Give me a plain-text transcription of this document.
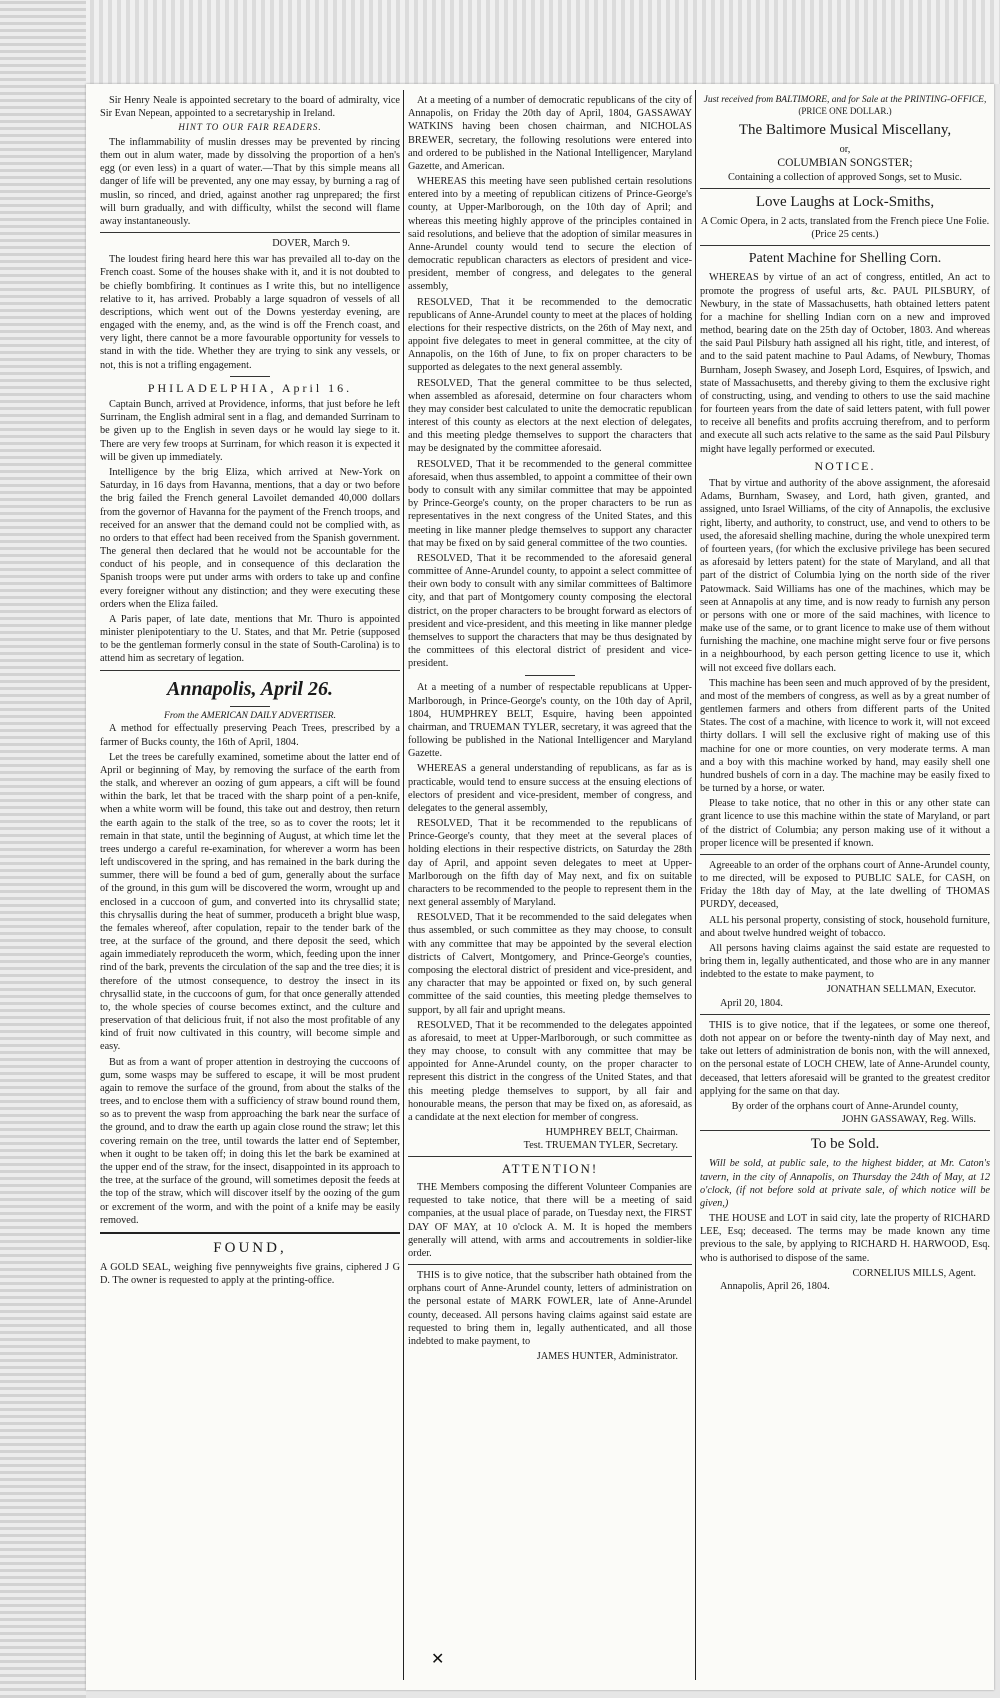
Sir Henry Neale is appointed secretary to the board of admiralty, vice Sir Evan Nepean, appointed to a secretaryship in Ireland.

HINT TO OUR FAIR READERS.

The inflammability of muslin dresses may be prevented by rincing them out in alum water, made by dissolving the proportion of a hen's egg (or even less) in a quart of water.—That by this simple means all danger of life will be prevented, any one may essay, by burning a rag of muslin, so rinced, and dried, against another rag unprepared; the first will burn gradually, and with difficulty, whilst the second will flame away instantaneously.

DOVER, March 9.

The loudest firing heard here this war has prevailed all to-day on the French coast. Some of the houses shake with it, and it is not doubted to be chiefly bombfiring. It continues as I write this, but no intelligence relative to it, has arrived. Probably a large squadron of vessels of all descriptions, which went out of the Downs yesterday evening, are engaged with the enemy, and, as the wind is off the French coast, and very light, there cannot be a more favourable opportunity for vessels to stand in with the tide. Whether they are trying to sink any vessels, or not, this is not a trifling engagement.

PHILADELPHIA, April 16.

Captain Bunch, arrived at Providence, informs, that just before he left Surrinam, the English admiral sent in a flag, and demanded Surrinam to be given up to the English in seven days or he would lay siege to it. There are very few troops at Surrinam, for which reason it is expected it will be given up immediately.

Intelligence by the brig Eliza, which arrived at New-York on Saturday, in 16 days from Havanna, mentions, that a day or two before the brig failed the French general Lavoilet demanded 40,000 dollars from the governor of Havanna for the payment of the French troops, and received for an answer that the demand could not be complied with, as no orders to that effect had been received from the Spanish government. The general then declared that he would not be accountable for the conduct of his people, and in consequence of this declaration the Spanish troops were put under arms with orders to take up and confine every foreigner without any distinction; and they were executing these orders when the Eliza failed.

A Paris paper, of late date, mentions that Mr. Thuro is appointed minister plenipotentiary to the U. States, and that Mr. Petrie (supposed to be the gentleman formerly consul in the state of South-Carolina) is to attend him as secretary of legation.

Annapolis, April 26.
From the AMERICAN DAILY ADVERTISER.

A method for effectually preserving Peach Trees, prescribed by a farmer of Bucks county, the 16th of April, 1804.

Let the trees be carefully examined, sometime about the latter end of April or beginning of May, by removing the surface of the earth from the stalk, and wherever an oozing of gum appears, a cift will be found within the bark, let that be traced with the sharp point of a pen-knife, when a white worm will be found, this take out and destroy, then return the earth again to the stalk of the tree, so as to cover the roots; let it remain in that state, until the beginning of August, at which time let the trees undergo a careful re-examination, for wherever a worm has been left undiscovered in the spring, and has remained in the bark during the summer, there will be found a bed of gum, generally about the surface of the ground, in this gum will be discovered the worm, wrought up and enclosed in a cuccoon of gum, and converted into its chrysallid state; this chrysallis during the heat of summer, produceth a bright blue wasp, the females whereof, after copulation, repair to the tender bark of the tree, at the surface of the ground, and there deposit the seed, which again immediately reproduceth the worm, which, feeding upon the inner rind of the bark, prevents the circulation of the sap and the tree dies; it is therefore of the utmost consequence, to destroy the insect in its chrysallid state, in the cuccoons of gum, for that once generally attended to, the whole species of course becomes extinct, and the culture and preservation of that delicious fruit, if not also the most profitable of any kind of fruit now cultivated in this country, will become simple and easy.

But as from a want of proper attention in destroying the cuccoons of gum, some wasps may be suffered to escape, it will be most prudent again to remove the surface of the ground, from about the stalks of the trees, and to enclose them with a sufficiency of straw bound round them, so as to prevent the wasp from approaching the bark near the surface of the ground, and to draw the earth up again close round the straw; let this covering remain on the tree, until towards the latter end of September, when it ought to be taken off; in doing this let the bark be examined at the upper end of the straw, for the insect, disappointed in its approach to the tree, at the surface of the ground, will sometimes deposit the feeds at the top of the straw, which will discover itself by the oozing of the gum or excrement of the worm, and with the point of a knife may be easily removed.

FOUND,

A GOLD SEAL, weighing five pennyweights five grains, ciphered J G D. The owner is requested to apply at the printing-office.

At a meeting of a number of democratic republicans of the city of Annapolis, on Friday the 20th day of April, 1804, GASSAWAY WATKINS having been chosen chairman, and NICHOLAS BREWER, secretary, the following resolutions were entered into and ordered to be published in the National Intelligencer, Maryland Gazette, and American.

WHEREAS this meeting have seen published certain resolutions entered into by a meeting of republican citizens of Prince-George's county, at Upper-Marlborough, on the 10th day of April; and whereas this meeting highly approve of the principles contained in said resolutions, and believe that the adoption of similar measures in Anne-Arundel county would tend to secure the election of democratic republican characters as electors of president and vice-president, member of congress, and delegates to the general assembly,

RESOLVED, That it be recommended to the democratic republicans of Anne-Arundel county to meet at the places of holding elections for their respective districts, on the 26th of May next, and appoint five delegates to meet in general committee, at the city of Annapolis, on the 16th of June, to fix on proper characters to be supported as delegates to the next general assembly.

RESOLVED, That the general committee to be thus selected, when assembled as aforesaid, determine on four characters whom they may consider best calculated to unite the democratic republican interest of this county as electors at the next election of delegates, and this meeting pledge themselves to support the characters that may be designated by the committee aforesaid.

RESOLVED, That it be recommended to the general committee aforesaid, when thus assembled, to appoint a committee of their own body to consult with any similar committee that may be appointed by Prince-George's county, on the proper characters to be run as representatives in the next congress of the United States, and this meeting in like manner pledge themselves to support any character that may be fixed on by said general committee of the two counties.

RESOLVED, That it be recommended to the aforesaid general committee of Anne-Arundel county, to appoint a select committee of their own body to consult with any similar committees of Baltimore city, and that part of Montgomery county composing the electoral district, on the proper characters to be brought forward as electors of president and vice-president, and this meeting in like manner pledge themselves to support the characters that may be thus designated by the committees of this electoral district of president and vice-president.

At a meeting of a number of respectable republicans at Upper-Marlborough, in Prince-George's county, on the 10th day of April, 1804, HUMPHREY BELT, Esquire, having been appointed chairman, and TRUEMAN TYLER, secretary, it was agreed that the following be published in the National Intelligencer and Maryland Gazette.

WHEREAS a general understanding of republicans, as far as is practicable, would tend to ensure success at the ensuing elections of electors of president and vice-president, member of congress, and delegates to the general assembly,

RESOLVED, That it be recommended to the republicans of Prince-George's county, that they meet at the several places of holding elections in their respective districts, on Saturday the 28th day of April, and appoint seven delegates to meet at Upper-Marlborough on the fifth day of May next, and fix on suitable characters to be recommended to the people to represent them in the next general assembly of Maryland.

RESOLVED, That it be recommended to the said delegates when thus assembled, or such committee as they may choose, to consult with any committee that may be appointed by the several election districts of Calvert, Montgomery, and Prince-George's counties, composing the electoral district of president and vice-president, and any character that may be appointed or fixed on, by such general committee of the said counties, this meeting pledge themselves to support, by all fair and upright means.

RESOLVED, That it be recommended to the delegates appointed as aforesaid, to meet at Upper-Marlborough, or such committee as they may choose, to consult with any committee that may be appointed for Anne-Arundel county, on the proper character to represent this district in the congress of the United States, and that this meeting pledge themselves to support, by all fair and honourable means, the person that may be fixed on, as aforesaid, as a candidate at the next election for member of congress.

HUMPHREY BELT, Chairman.
Test. TRUEMAN TYLER, Secretary.
ATTENTION!

THE Members composing the different Volunteer Companies are requested to take notice, that there will be a meeting of said companies, at the usual place of parade, on Tuesday next, the FIRST DAY OF MAY, at 10 o'clock A. M. It is hoped the members generally will attend, with arms and accoutrements in soldier-like order.

THIS is to give notice, that the subscriber hath obtained from the orphans court of Anne-Arundel county, letters of administration on the personal estate of MARK FOWLER, late of Anne-Arundel county, deceased. All persons having claims against said estate are requested to bring them in, legally authenticated, and all those indebted to make payment, to

JAMES HUNTER, Administrator.
Just received from BALTIMORE, and for Sale at the PRINTING-OFFICE,
(PRICE ONE DOLLAR.)
The Baltimore Musical Miscellany,
or,
COLUMBIAN SONGSTER;
Containing a collection of approved Songs, set to Music.
Love Laughs at Lock-Smiths,
A Comic Opera, in 2 acts, translated from the French piece Une Folie. (Price 25 cents.)
Patent Machine for Shelling Corn.

WHEREAS by virtue of an act of congress, entitled, An act to promote the progress of useful arts, &c. PAUL PILSBURY, of Newbury, in the state of Massachusetts, hath obtained letters patent for a machine for shelling Indian corn on a new and improved method, bearing date on the 25th day of October, 1803. And whereas the said Paul Pilsbury hath assigned all his right, title, and interest, of and to the said patent machine to Paul Adams, of Newbury, Thomas Burnham, Joseph Swasey, and Joseph Lord, Esquires, of Ipswich, and state of Massachusetts, and thereby giving to them the exclusive right of constructing, using, and vending to others to use the said machine for fourteen years from the date of said letters patent, with full power to receive all benefits and profits accruing therefrom, and to perform and execute all such acts relative to the same as the said Paul Pilsbury might have legally performed or executed.

NOTICE.

That by virtue and authority of the above assignment, the aforesaid Adams, Burnham, Swasey, and Lord, hath given, granted, and assigned, unto Israel Williams, of the city of Annapolis, the exclusive right, liberty, and authority, to construct, use, and vend to others to be used, the aforesaid shelling machine, during the whole unexpired term of fourteen years, (for which the exclusive privilege has been secured as aforesaid by letters patent) for the state of Maryland, and all that part of the district of Columbia lying on the north side of the river Patowmack. Said Williams has one of the machines, which may be seen at Annapolis at any time, and is now ready to furnish any person or persons with one or more of the said machines, with licence to make use of the same, or to grant licence to make use of them without furnishing the machine, one machine might serve four or five persons in a neighbourhood, by each person getting licence to use it, which will not exceed five dollars each.

This machine has been seen and much approved of by the president, and most of the members of congress, as well as by a great number of gentlemen farmers and others from different parts of the United States. The cost of a machine, with licence to work it, will not exceed thirty dollars. I will sell the exclusive right of making use of this machine for one or more counties, on very moderate terms. A man and a boy with this machine worked by hand, may easily shell one hundred bushels of corn in a day. The machine may be easily fixed to be turned by a horse, or water.

Please to take notice, that no other in this or any other state can grant licence to use this machine within the state of Maryland, or part of the district of Columbia; any person making use of it without a proper licence will be presented if known.

Agreeable to an order of the orphans court of Anne-Arundel county, to me directed, will be exposed to PUBLIC SALE, for CASH, on Friday the 18th day of May, at the late dwelling of THOMAS PURDY, deceased,

ALL his personal property, consisting of stock, household furniture, and about twelve hundred weight of tobacco.

All persons having claims against the said estate are requested to bring them in, legally authenticated, and those who are in any manner indebted to the estate to make payment, to

JONATHAN SELLMAN, Executor.
April 20, 1804.

THIS is to give notice, that if the legatees, or some one thereof, doth not appear on or before the twenty-ninth day of May next, and take out letters of administration de bonis non, with the will annexed, on the personal estate of LOCH CHEW, late of Anne-Arundel county, deceased, that letters aforesaid will be granted to the greatest creditor applying for the same on that day.

By order of the orphans court of Anne-Arundel county,
JOHN GASSAWAY, Reg. Wills.
To be Sold.

Will be sold, at public sale, to the highest bidder, at Mr. Caton's tavern, in the city of Annapolis, on Thursday the 24th of May, at 12 o'clock, (if not before sold at private sale, of which notice will be given,)

THE HOUSE and LOT in said city, late the property of RICHARD LEE, Esq; deceased. The terms may be made known any time previous to the sale, by applying to RICHARD H. HARWOOD, Esq. who is authorised to dispose of the same.

CORNELIUS MILLS, Agent.
Annapolis, April 26, 1804.
✕
